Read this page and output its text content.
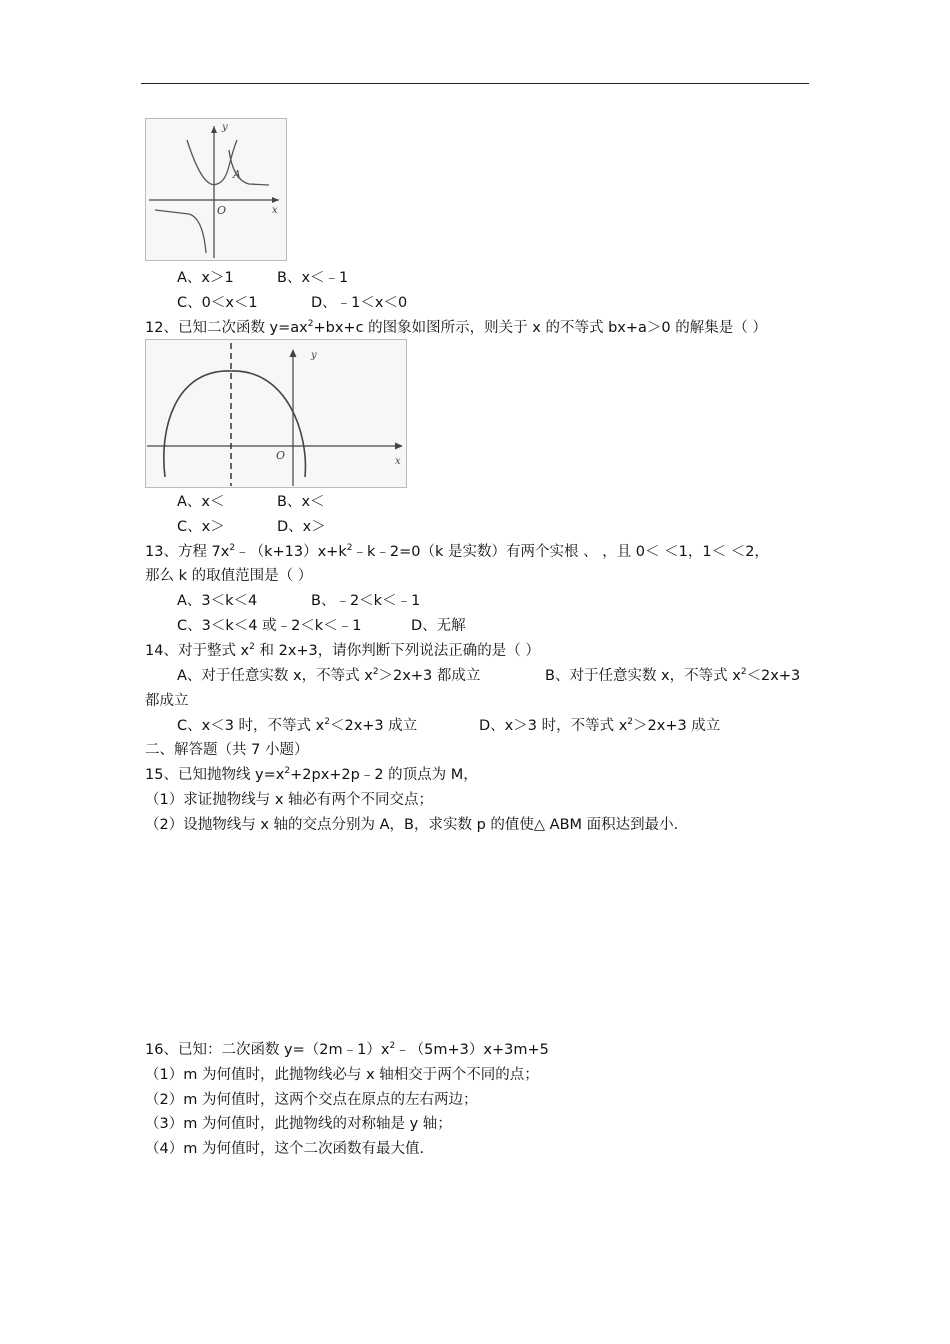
x
y
O
A
A、x＞1	B、x＜﹣1
C、0＜x＜1	D、﹣1＜x＜0
12、已知二次函数 $y=ax^2+bx+c$ 的图象如图所示，则关于 x 的不等式 bx+a＞0 的解集是（ ）
x
y
O
A、x＜	B、x＜
C、x＞	D、x＞
13、方程 $7x^2﹣(k+13)x+k^2﹣k﹣2=0(k$ 是实数）有两个实根 、 ，且 0＜ ＜1，1＜ ＜2，
那么 k 的取值范围是（ ）
A、3＜k＜4	B、﹣2＜k＜﹣1
C、3＜k＜4 或﹣2＜k＜﹣1	D、无解
14、对于整式 $x^2$ 和 2x+3，请你判断下列说法正确的是（ ）
A、对于任意实数 x，不等式 $x^2>2x+3$ 都成立	B、对于任意实数 x，不等式 $x^2<2x+3$
都成立
C、x＜3 时，不等式 $x^2<2x+3$ 成立	D、x＞3 时，不等式 $x^2>2x+3$ 成立
二、解答题（共 7 小题）
15、已知抛物线 $y=x^2+2px+2p﹣2$ 的顶点为 M，
（1）求证抛物线与 x 轴必有两个不同交点；
（2）设抛物线与 x 轴的交点分别为 A，B，求实数 p 的值使△ ABM 面积达到最小.
16、已知：二次函数 $y=(2m﹣1)x^2﹣(5m+3)x+3m+5$
（1）m 为何值时，此抛物线必与 x 轴相交于两个不同的点；
（2）m 为何值时，这两个交点在原点的左右两边；
（3）m 为何值时，此抛物线的对称轴是 y 轴；
（4）m 为何值时，这个二次函数有最大值.
